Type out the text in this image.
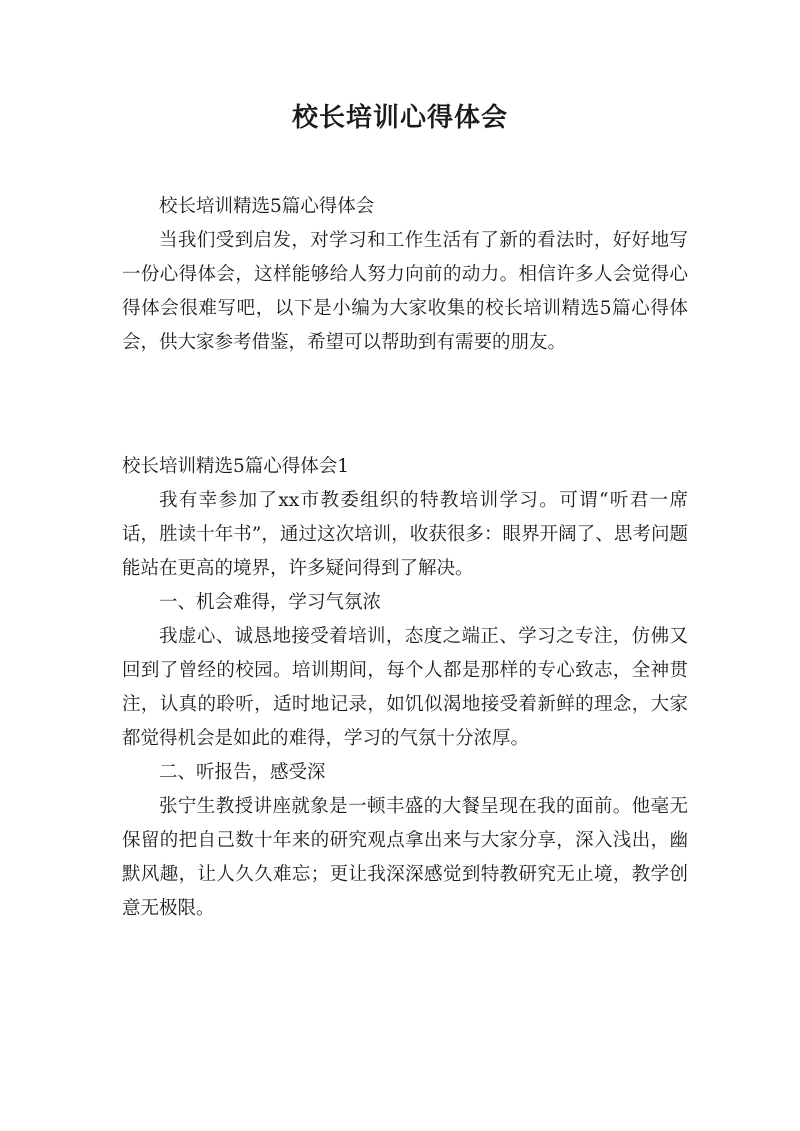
校长培训心得体会

校长培训精选5篇心得体会

当我们受到启发，对学习和工作生活有了新的看法时，好好地写一份心得体会，这样能够给人努力向前的动力。相信许多人会觉得心得体会很难写吧，以下是小编为大家收集的校长培训精选5篇心得体会，供大家参考借鉴，希望可以帮助到有需要的朋友。

校长培训精选5篇心得体会1

我有幸参加了xx市教委组织的特教培训学习。可谓“听君一席话，胜读十年书”，通过这次培训，收获很多：眼界开阔了、思考问题能站在更高的境界，许多疑问得到了解决。

一、机会难得，学习气氛浓

我虚心、诚恳地接受着培训，态度之端正、学习之专注，仿佛又回到了曾经的校园。培训期间，每个人都是那样的专心致志，全神贯注，认真的聆听，适时地记录，如饥似渴地接受着新鲜的理念，大家都觉得机会是如此的难得，学习的气氛十分浓厚。

二、听报告，感受深

张宁生教授讲座就象是一顿丰盛的大餐呈现在我的面前。他毫无保留的把自己数十年来的研究观点拿出来与大家分享，深入浅出，幽默风趣，让人久久难忘；更让我深深感觉到特教研究无止境，教学创意无极限。
